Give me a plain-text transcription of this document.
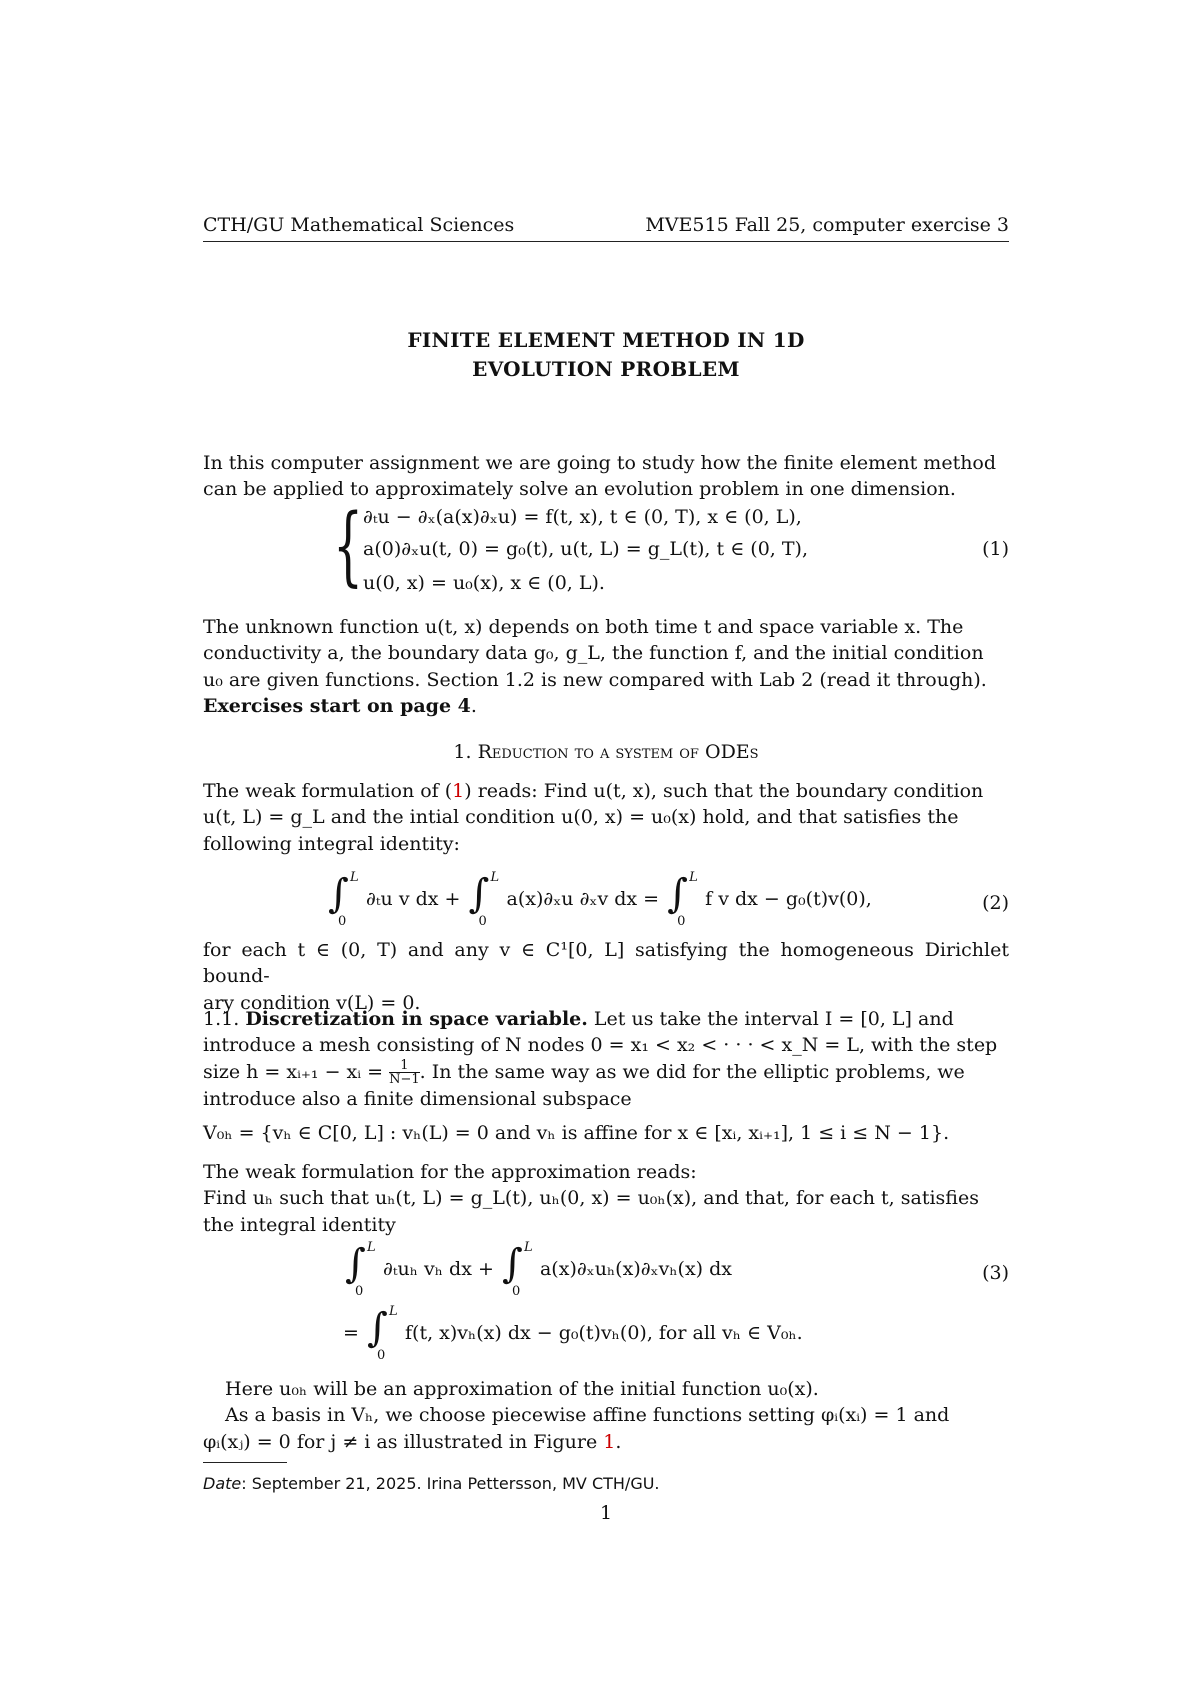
CTH/GU Mathematical Sciences	MVE515 Fall 25, computer exercise 3
FINITE ELEMENT METHOD IN 1D
EVOLUTION PROBLEM
In this computer assignment we are going to study how the finite element method
can be applied to approximately solve an evolution problem in one dimension.
{ ∂ₜu − ∂ₓ(a(x)∂ₓu) = f(t, x), t ∈ (0, T), x ∈ (0, L),
a(0)∂ₓu(t, 0) = g₀(t), u(t, L) = g_L(t), t ∈ (0, T),
u(0, x) = u₀(x), x ∈ (0, L).
(1)
The unknown function u(t, x) depends on both time t and space variable x. The
conductivity a, the boundary data g₀, g_L, the function f, and the initial condition
u₀ are given functions. Section 1.2 is new compared with Lab 2 (read it through).
Exercises start on page 4.
1. Reduction to a system of ODEs
The weak formulation of (1) reads: Find u(t, x), such that the boundary condition
u(t, L) = g_L and the intial condition u(0, x) = u₀(x) hold, and that satisfies the
following integral identity:
∫ L
0
∂ₜu v dx + ∫ L
0
a(x)∂ₓu ∂ₓv dx = ∫ L
0
f v dx − g₀(t)v(0),	(2)
for each t ∈ (0, T) and any v ∈ C¹[0, L] satisfying the homogeneous Dirichlet bound-
ary condition v(L) = 0.
1.1. Discretization in space variable. Let us take the interval I = [0, L] and
introduce a mesh consisting of N nodes 0 = x₁ < x₂ < · · · < x_N = L, with the step
size h = xᵢ₊₁ − xᵢ = $\frac{1}{N-1}$. In the same way as we did for the elliptic problems, we
introduce also a finite dimensional subspace
V₀ₕ = {vₕ ∈ C[0, L] : vₕ(L) = 0 and vₕ is affine for x ∈ [xᵢ, xᵢ₊₁], 1 ≤ i ≤ N − 1}.
The weak formulation for the approximation reads:
Find uₕ such that uₕ(t, L) = g_L(t), uₕ(0, x) = u₀ₕ(x), and that, for each t, satisfies
the integral identity
∫ L
0
∂ₜuₕ vₕ dx + ∫ L
0
a(x)∂ₓuₕ(x)∂ₓvₕ(x) dx	(3)
= ∫ L
0
f(t, x)vₕ(x) dx − g₀(t)vₕ(0), for all vₕ ∈ V₀ₕ.
Here u₀ₕ will be an approximation of the initial function u₀(x).
As a basis in Vₕ, we choose piecewise affine functions setting φᵢ(xᵢ) = 1 and
φᵢ(xⱼ) = 0 for j ≠ i as illustrated in Figure 1.
Date: September 21, 2025. Irina Pettersson, MV CTH/GU.
1
